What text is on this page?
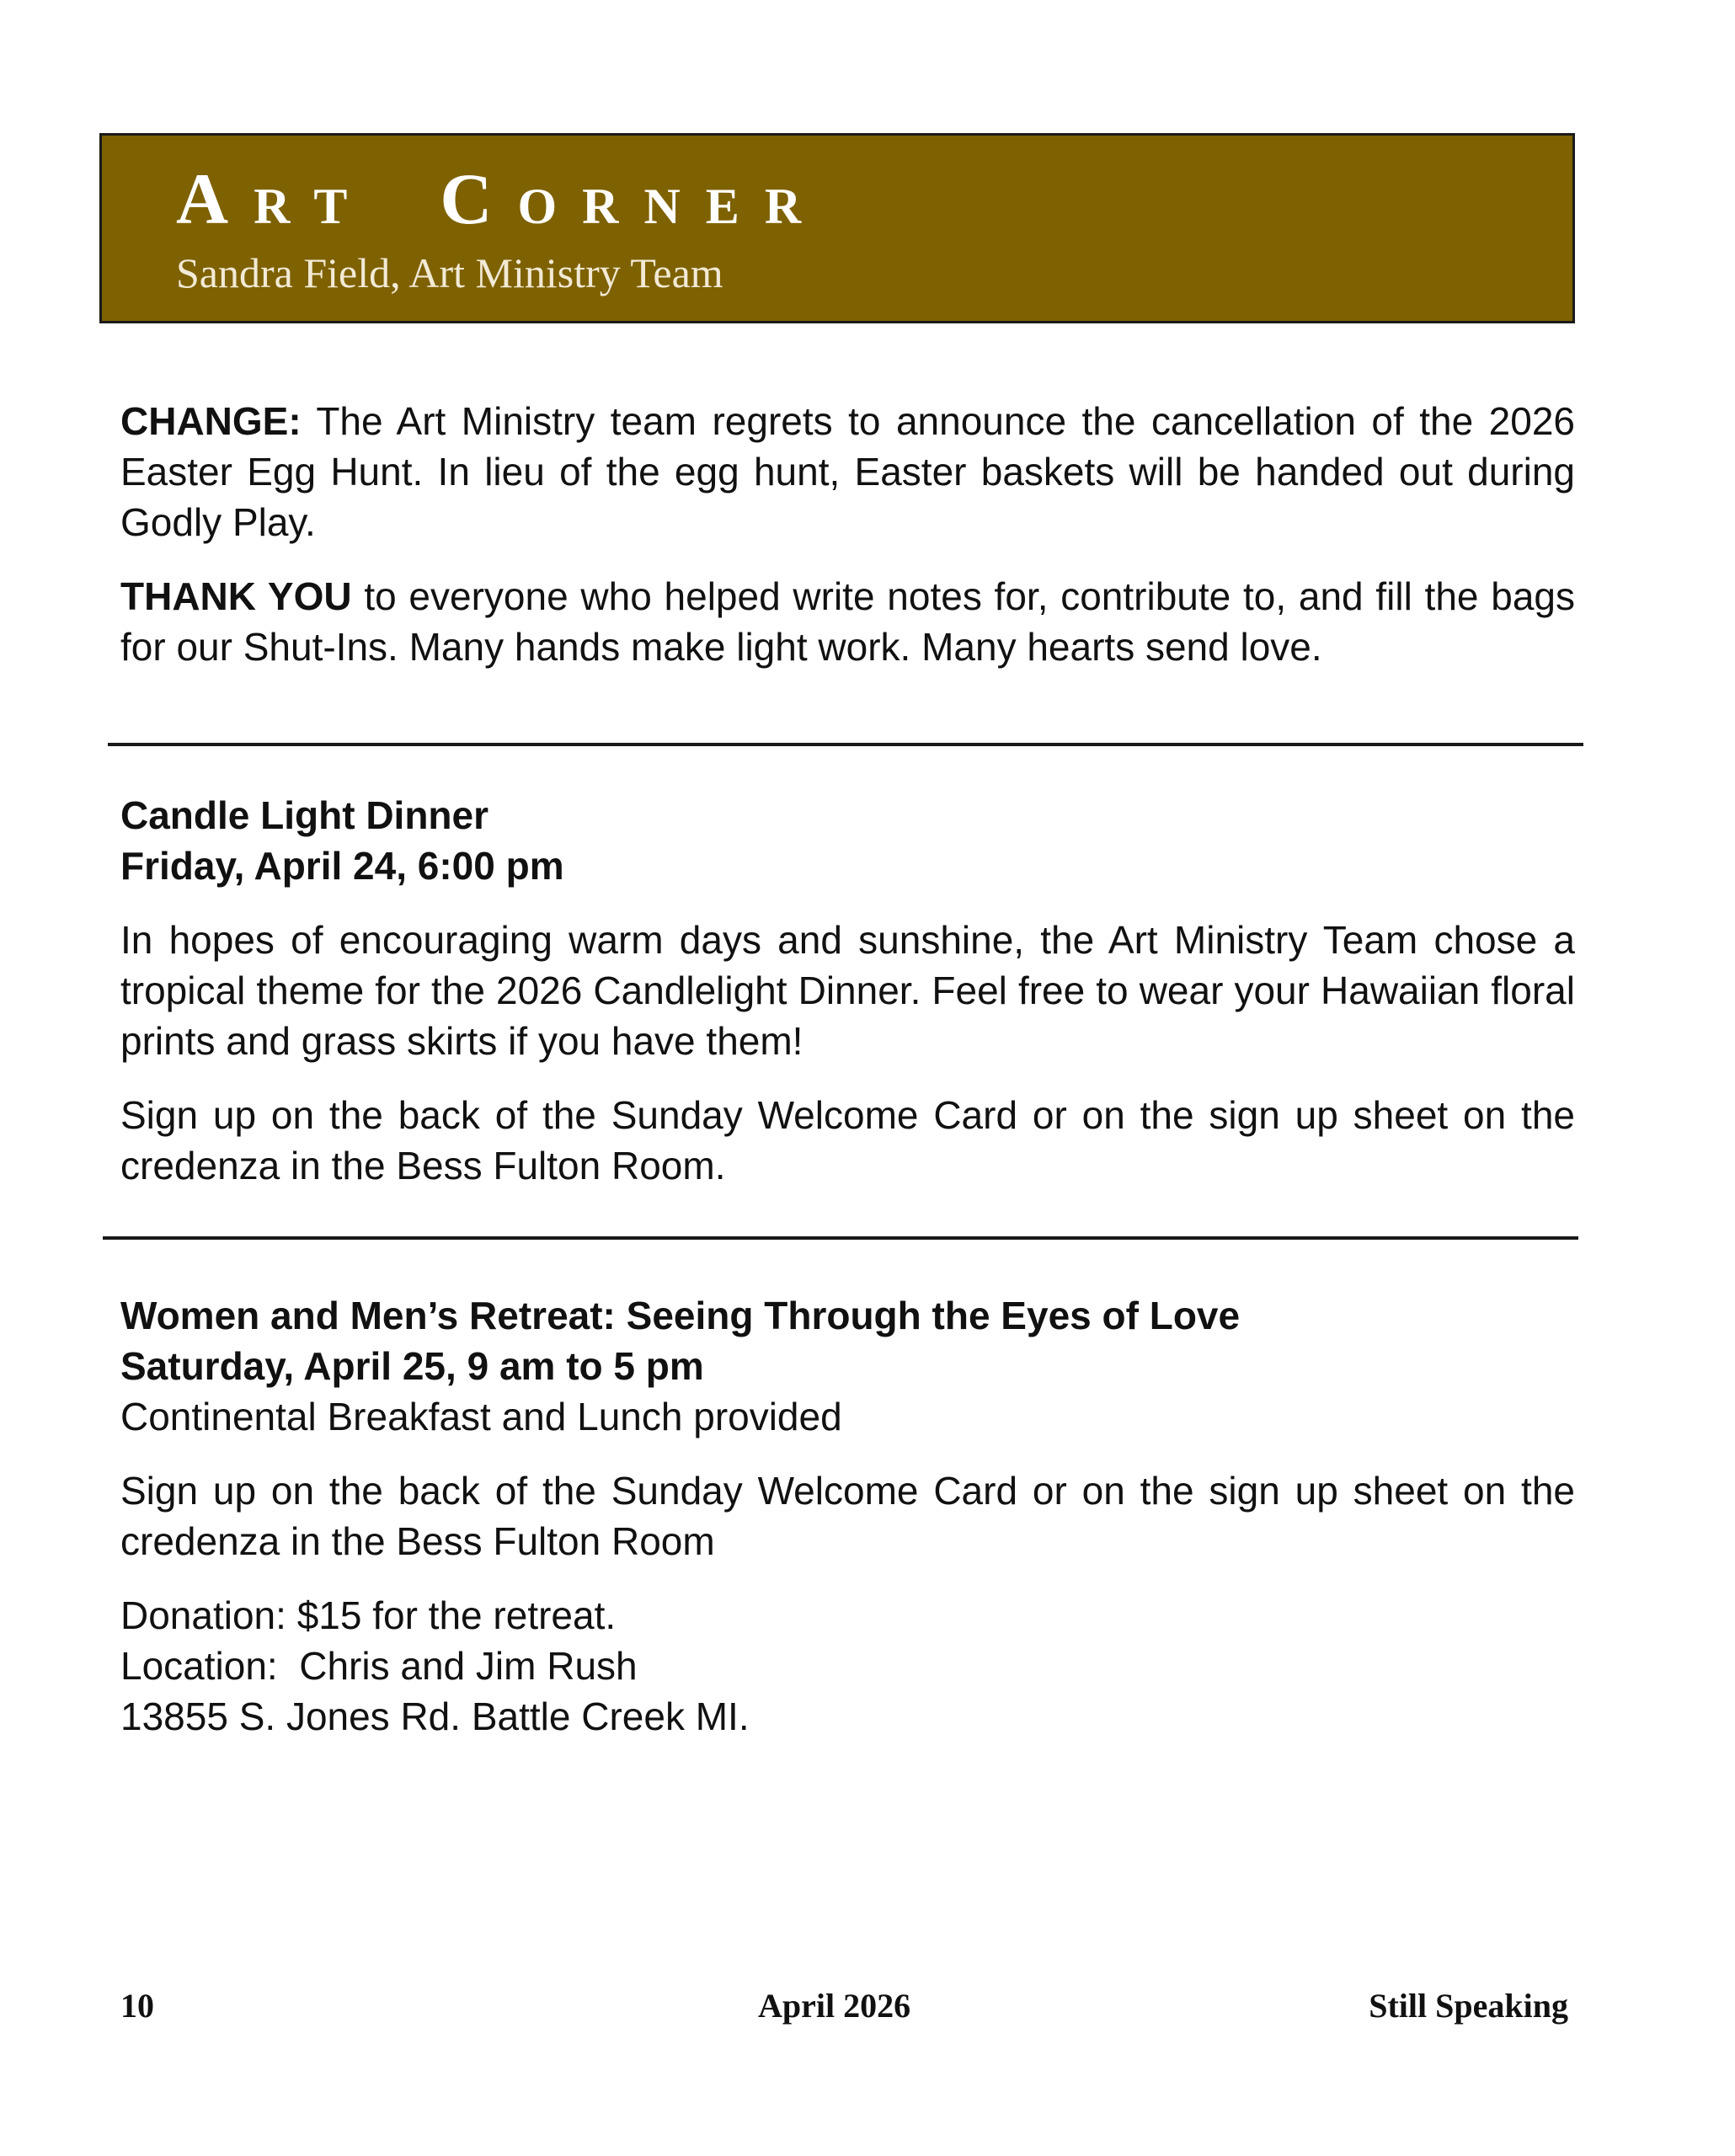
Art Corner
Sandra Field, Art Ministry Team

CHANGE: The Art Ministry team regrets to announce the cancellation of the 2026 Easter Egg Hunt. In lieu of the egg hunt, Easter baskets will be handed out during Godly Play.

THANK YOU to everyone who helped write notes for, contribute to, and fill the bags for our Shut-Ins. Many hands make light work. Many hearts send love.

Candle Light Dinner
Friday, April 24, 6:00 pm

In hopes of encouraging warm days and sunshine, the Art Ministry Team chose a tropical theme for the 2026 Candlelight Dinner. Feel free to wear your Hawaiian floral prints and grass skirts if you have them!

Sign up on the back of the Sunday Welcome Card or on the sign up sheet on the credenza in the Bess Fulton Room.

Women and Men’s Retreat: Seeing Through the Eyes of Love
Saturday, April 25, 9 am to 5 pm
Continental Breakfast and Lunch provided

Sign up on the back of the Sunday Welcome Card or on the sign up sheet on the credenza in the Bess Fulton Room

Donation: $15 for the retreat.
Location:  Chris and Jim Rush
13855 S. Jones Rd. Battle Creek MI.
10	April 2026	Still Speaking
